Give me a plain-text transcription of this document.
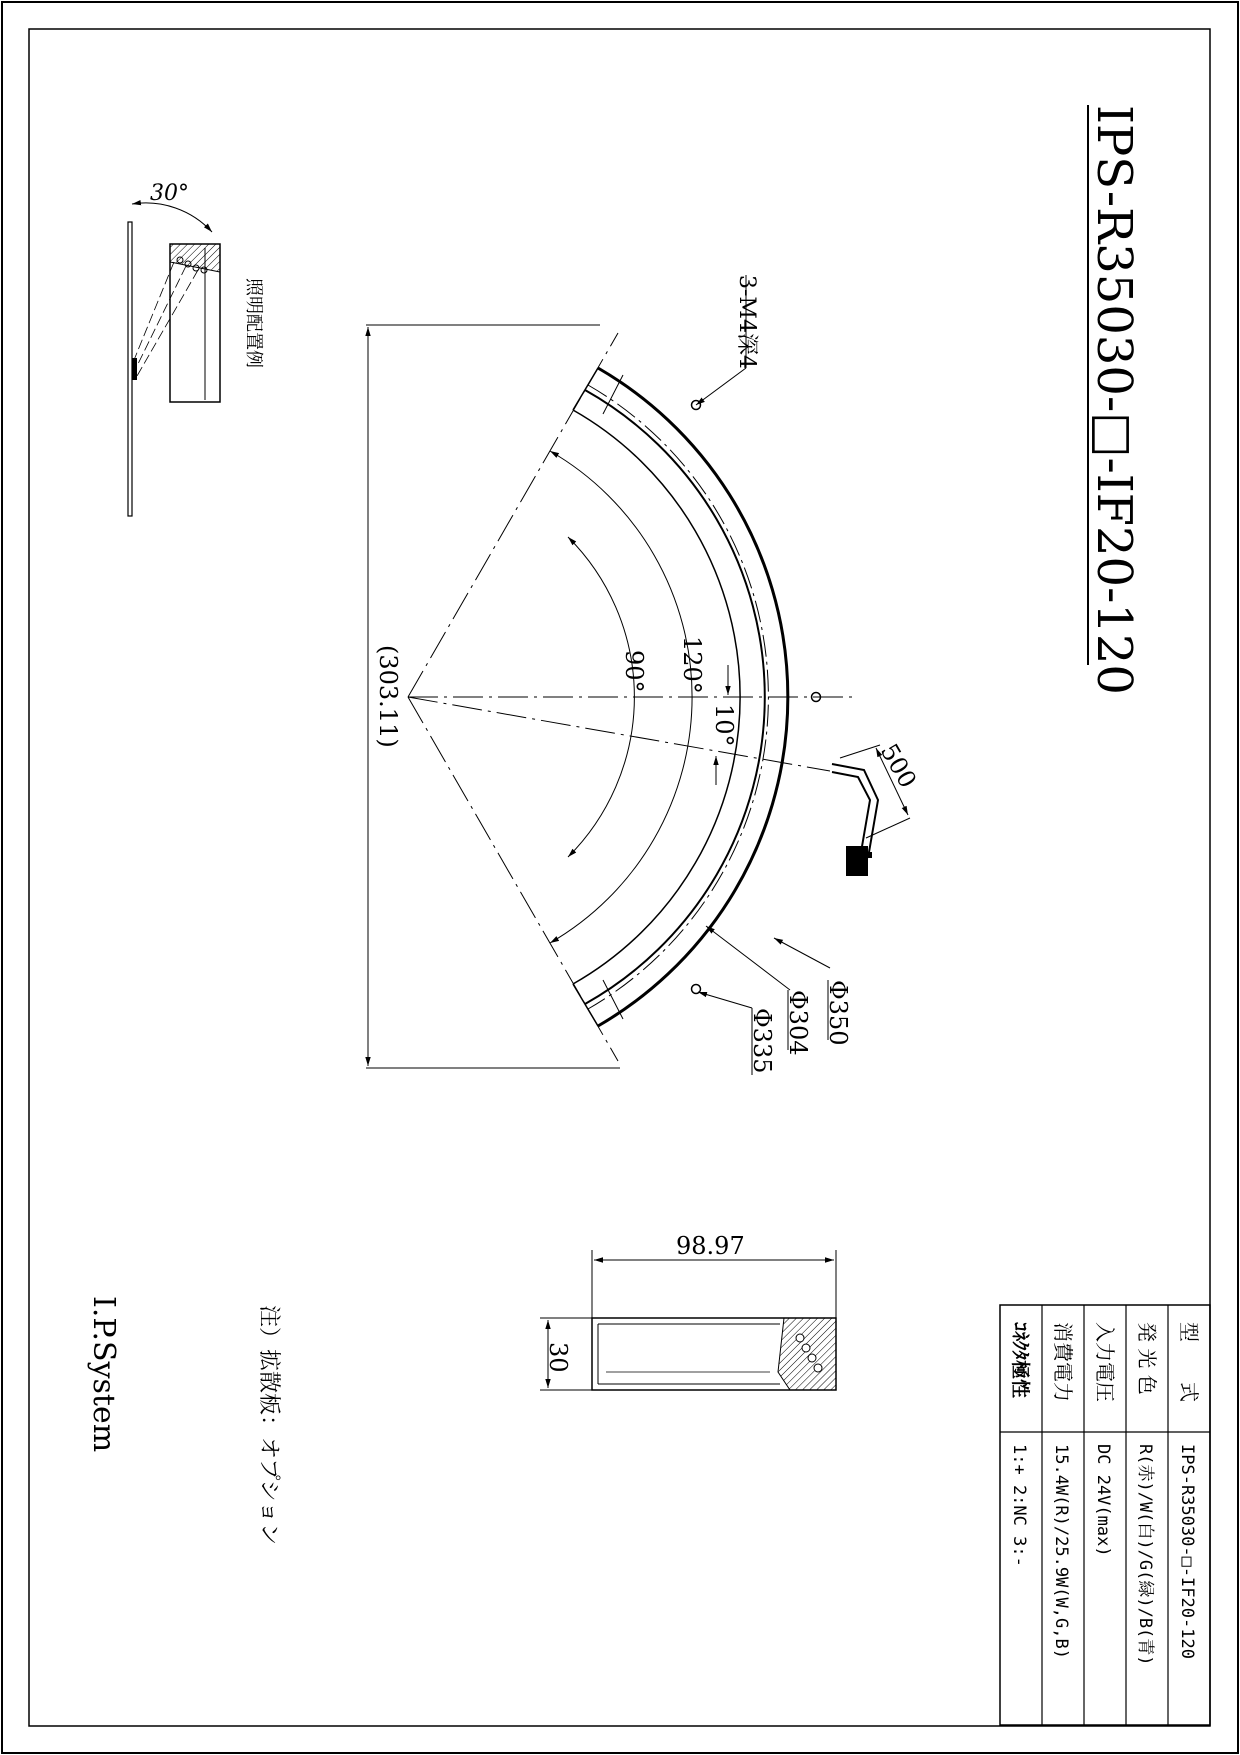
IPS-R35030-□-IF20-120
3-M4深4
(303.11)	120°
90°
10°
500
Φ350
Φ304
Φ335
30°
照明配置例
98.97
30
注）拡散板：オプション
I.P.System	型　　式
IPS-R35030-□-IF20-120
発 光 色
R(赤)/W(白)/G(緑)/B(青)
入力電圧
DC 24V(max)
消費電力
15.4W(R)/25.9W(W,G,B)
ｺﾈｸﾀ極性
1:+ 2:NC 3:-
